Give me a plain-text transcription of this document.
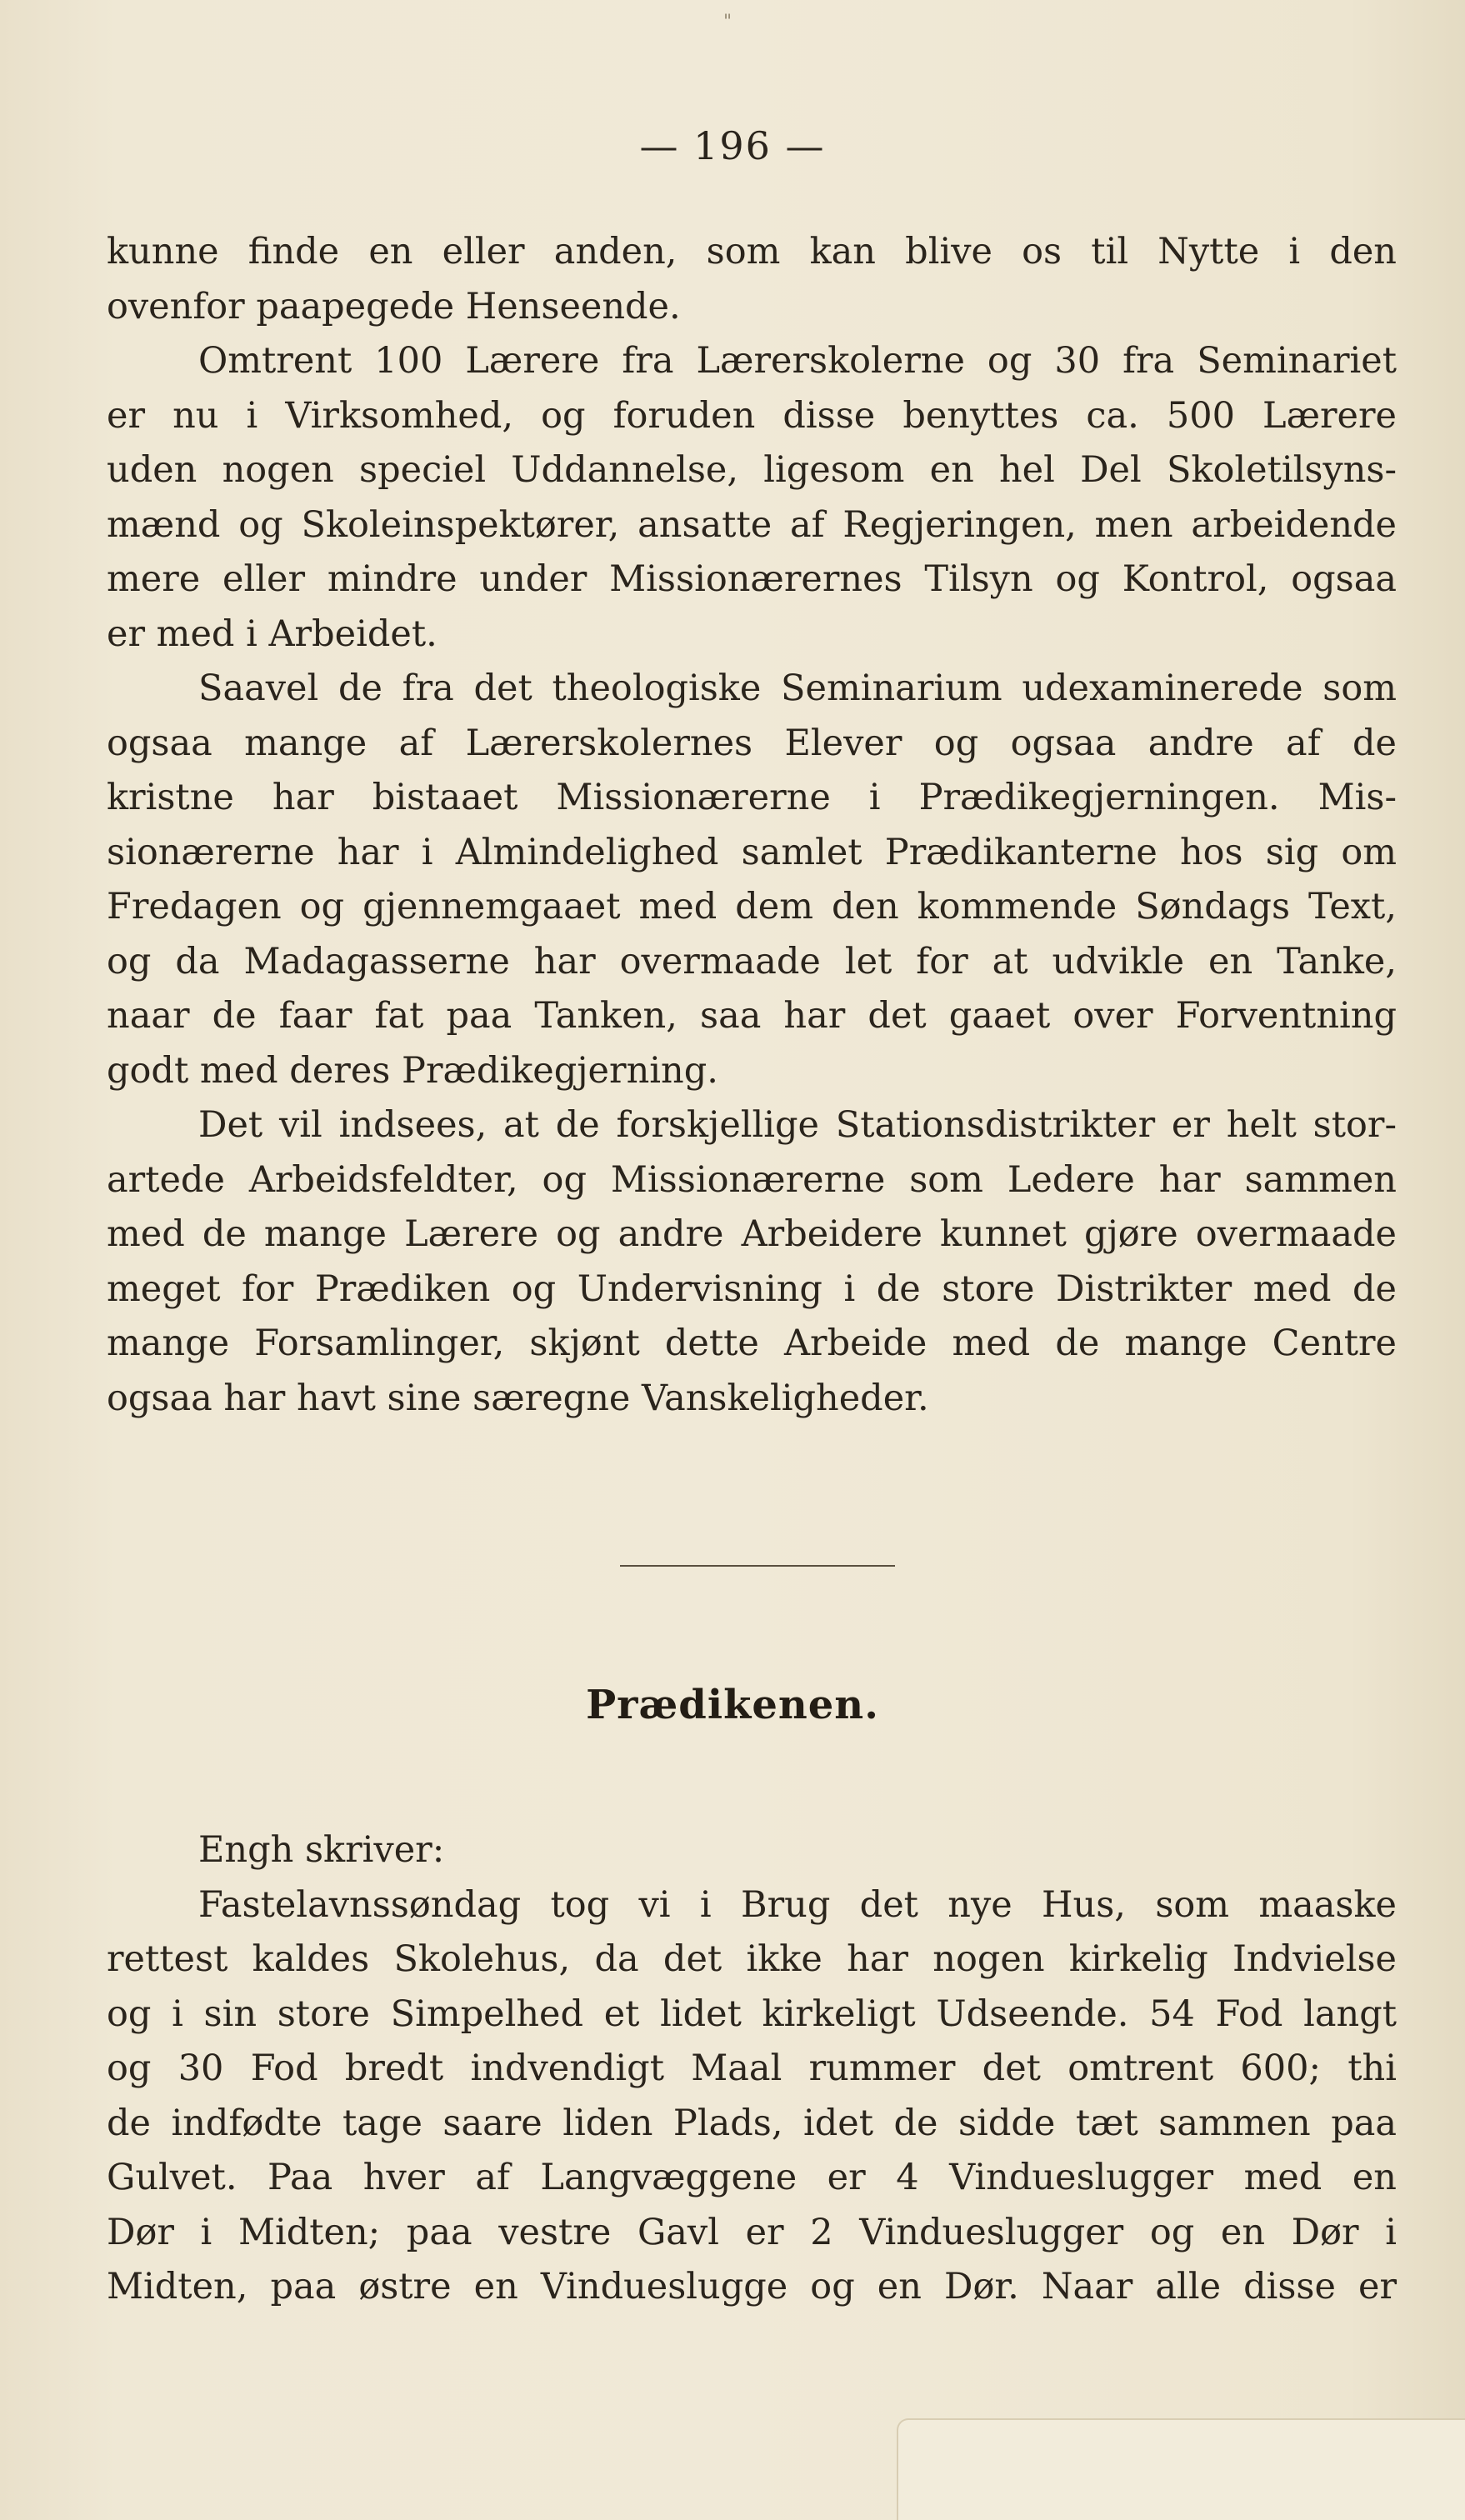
"
— 196 —
kunne finde en eller anden, som kan blive os til Nytte i den
ovenfor paapegede Henseende.
Omtrent 100 Lærere fra Lærerskolerne og 30 fra Seminariet
er nu i Virksomhed, og foruden disse benyttes ca. 500 Lærere
uden nogen speciel Uddannelse, ligesom en hel Del Skoletilsyns-
mænd og Skoleinspektører, ansatte af Regjeringen, men arbeidende
mere eller mindre under Missionærernes Tilsyn og Kontrol, ogsaa
er med i Arbeidet.
Saavel de fra det theologiske Seminarium udexaminerede som
ogsaa mange af Lærerskolernes Elever og ogsaa andre af de
kristne har bistaaet Missionærerne i Prædikegjerningen. Mis-
sionærerne har i Almindelighed samlet Prædikanterne hos sig om
Fredagen og gjennemgaaet med dem den kommende Søndags Text,
og da Madagasserne har overmaade let for at udvikle en Tanke,
naar de faar fat paa Tanken, saa har det gaaet over Forventning
godt med deres Prædikegjerning.
Det vil indsees, at de forskjellige Stationsdistrikter er helt stor-
artede Arbeidsfeldter, og Missionærerne som Ledere har sammen
med de mange Lærere og andre Arbeidere kunnet gjøre overmaade
meget for Prædiken og Undervisning i de store Distrikter med de
mange Forsamlinger, skjønt dette Arbeide med de mange Centre
ogsaa har havt sine særegne Vanskeligheder.
Prædikenen.
Engh skriver:
Fastelavnssøndag tog vi i Brug det nye Hus, som maaske
rettest kaldes Skolehus, da det ikke har nogen kirkelig Indvielse
og i sin store Simpelhed et lidet kirkeligt Udseende. 54 Fod langt
og 30 Fod bredt indvendigt Maal rummer det omtrent 600; thi
de indfødte tage saare liden Plads, idet de sidde tæt sammen paa
Gulvet. Paa hver af Langvæggene er 4 Vindueslugger med en
Dør i Midten; paa vestre Gavl er 2 Vindueslugger og en Dør i
Midten, paa østre en Vindueslugge og en Dør. Naar alle disse er
